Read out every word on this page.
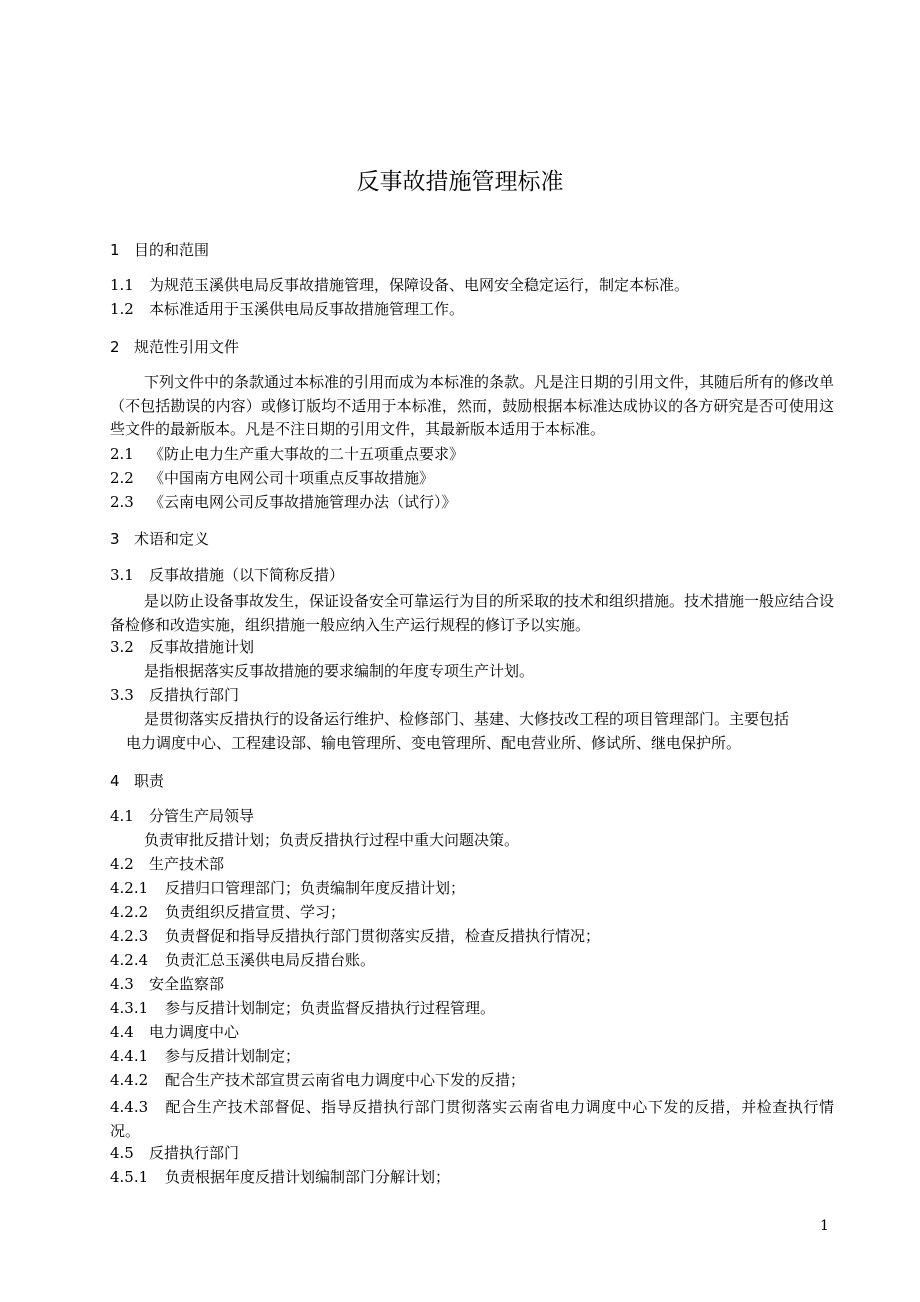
反事故措施管理标准
1 目的和范围
1.1 为规范玉溪供电局反事故措施管理，保障设备、电网安全稳定运行，制定本标准。
1.2 本标准适用于玉溪供电局反事故措施管理工作。
2 规范性引用文件
下列文件中的条款通过本标准的引用而成为本标准的条款。凡是注日期的引用文件，其随后所有的修改单（不包括勘误的内容）或修订版均不适用于本标准，然而，鼓励根据本标准达成协议的各方研究是否可使用这些文件的最新版本。凡是不注日期的引用文件，其最新版本适用于本标准。
2.1 《防止电力生产重大事故的二十五项重点要求》
2.2 《中国南方电网公司十项重点反事故措施》
2.3 《云南电网公司反事故措施管理办法（试行）》
3 术语和定义
3.1 反事故措施（以下简称反措）
是以防止设备事故发生，保证设备安全可靠运行为目的所采取的技术和组织措施。技术措施一般应结合设备检修和改造实施，组织措施一般应纳入生产运行规程的修订予以实施。
3.2 反事故措施计划
是指根据落实反事故措施的要求编制的年度专项生产计划。
3.3 反措执行部门
是贯彻落实反措执行的设备运行维护、检修部门、基建、大修技改工程的项目管理部门。主要包括
电力调度中心、工程建设部、输电管理所、变电管理所、配电营业所、修试所、继电保护所。
4 职责
4.1 分管生产局领导
负责审批反措计划；负责反措执行过程中重大问题决策。
4.2 生产技术部
4.2.1 反措归口管理部门；负责编制年度反措计划；
4.2.2 负责组织反措宣贯、学习；
4.2.3 负责督促和指导反措执行部门贯彻落实反措，检查反措执行情况；
4.2.4 负责汇总玉溪供电局反措台账。
4.3 安全监察部
4.3.1 参与反措计划制定；负责监督反措执行过程管理。
4.4 电力调度中心
4.4.1 参与反措计划制定；
4.4.2 配合生产技术部宣贯云南省电力调度中心下发的反措；
4.4.3 配合生产技术部督促、指导反措执行部门贯彻落实云南省电力调度中心下发的反措，并检查执行情况。
4.5 反措执行部门
4.5.1 负责根据年度反措计划编制部门分解计划；
1
